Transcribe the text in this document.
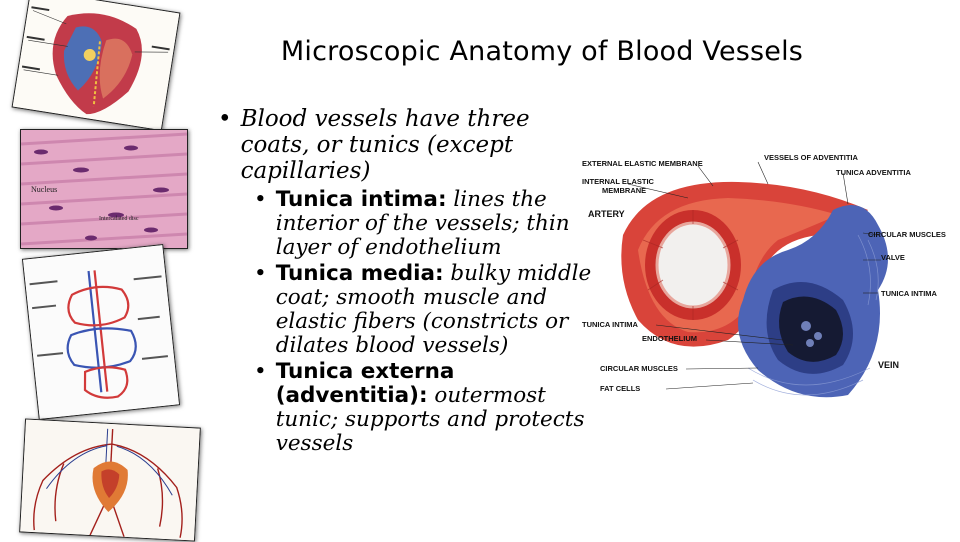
Microscopic Anatomy of Blood Vessels
Nucleus
Intercalated disc
• Blood vessels have three coats, or tunics (except capillaries)
• Tunica intima: lines the interior of the vessels; thin layer of endothelium
• Tunica media: bulky middle coat; smooth muscle and elastic fibers (constricts or dilates blood vessels)
• Tunica externa (adventitia): outermost tunic; supports and protects vessels
EXTERNAL ELASTIC MEMBRANE
INTERNAL ELASTIC
MEMBRANE
ARTERY
VESSELS OF ADVENTITIA
TUNICA ADVENTITIA
CIRCULAR MUSCLES
VALVE
TUNICA INTIMA
TUNICA INTIMA
ENDOTHELIUM
VEIN
CIRCULAR MUSCLES
FAT CELLS
